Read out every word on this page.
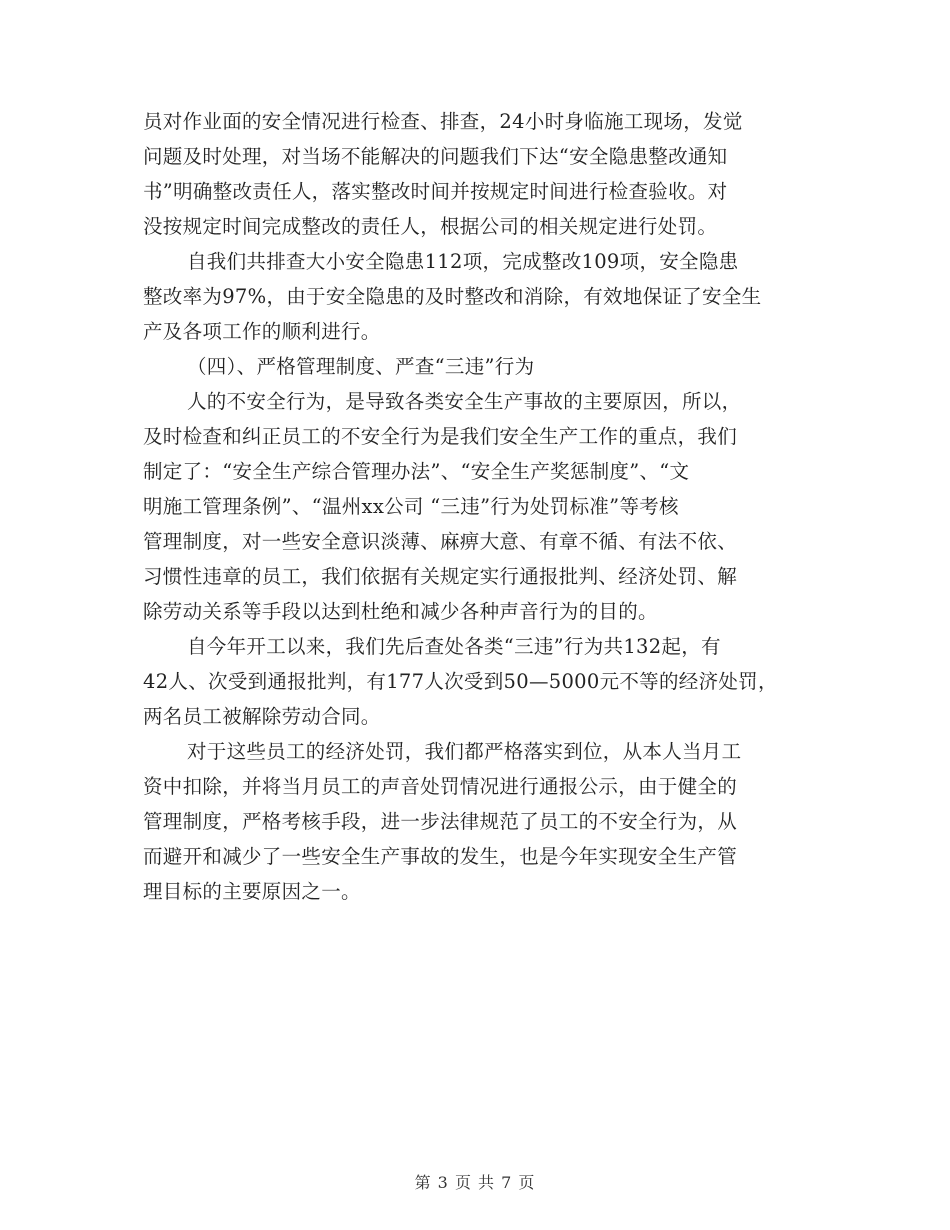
员对作业面的安全情况进行检查、排查，24小时身临施工现场，发觉
问题及时处理，对当场不能解决的问题我们下达“安全隐患整改通知
书”明确整改责任人，落实整改时间并按规定时间进行检查验收。对
没按规定时间完成整改的责任人，根据公司的相关规定进行处罚。
自我们共排查大小安全隐患112项，完成整改109项，安全隐患
整改率为97%，由于安全隐患的及时整改和消除，有效地保证了安全生
产及各项工作的顺利进行。
（四）、严格管理制度、严查“三违”行为
人的不安全行为，是导致各类安全生产事故的主要原因，所以，
及时检查和纠正员工的不安全行为是我们安全生产工作的重点，我们
制定了：“安全生产综合管理办法”、“安全生产奖惩制度”、“文
明施工管理条例”、“温州xx公司 “三违”行为处罚标准”等考核
管理制度，对一些安全意识淡薄、麻痹大意、有章不循、有法不依、
习惯性违章的员工，我们依据有关规定实行通报批判、经济处罚、解
除劳动关系等手段以达到杜绝和减少各种声音行为的目的。
自今年开工以来，我们先后查处各类“三违”行为共132起，有
42人、次受到通报批判，有177人次受到50—5000元不等的经济处罚，
两名员工被解除劳动合同。
对于这些员工的经济处罚，我们都严格落实到位，从本人当月工
资中扣除，并将当月员工的声音处罚情况进行通报公示，由于健全的
管理制度，严格考核手段，进一步法律规范了员工的不安全行为，从
而避开和减少了一些安全生产事故的发生，也是今年实现安全生产管
理目标的主要原因之一。
第 3 页 共 7 页
